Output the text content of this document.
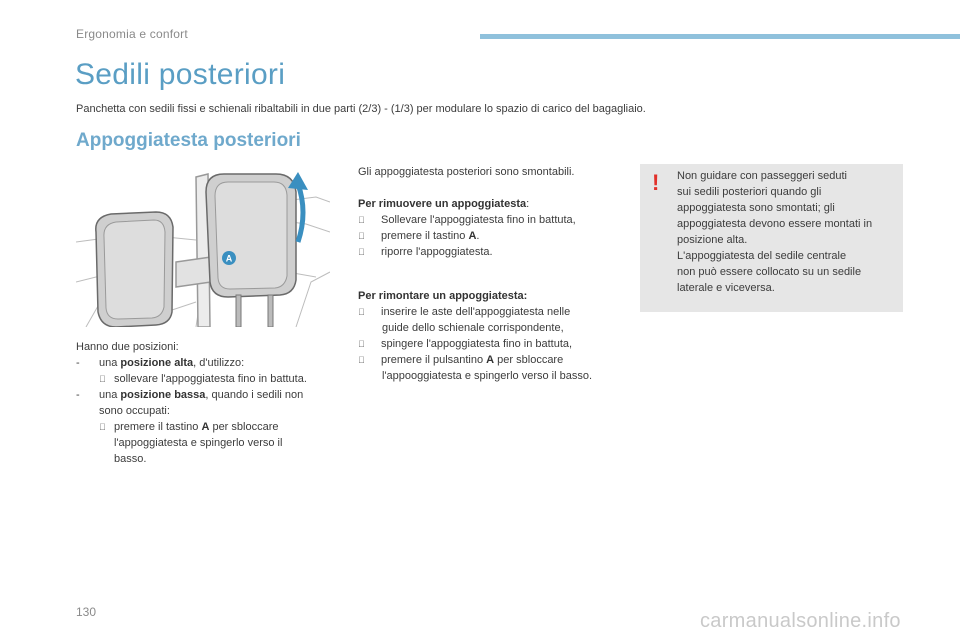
Ergonomia e confort
Sedili posteriori
Panchetta con sedili fissi e schienali ribaltabili in due parti (2/3) - (1/3) per modulare lo spazio di carico del bagagliaio.
Appoggiatesta posteriori
A
Hanno due posizioni:
- una posizione alta, d'utilizzo:
sollevare l'appoggiatesta fino in battuta.
- una posizione bassa, quando i sedili non
sono occupati:
premere il tastino A per sbloccare
l'appoggiatesta e spingerlo verso il
basso.
Gli appoggiatesta posteriori sono smontabili.
Per rimuovere un appoggiatesta:
Sollevare l'appoggiatesta fino in battuta,
premere il tastino A.
riporre l'appoggiatesta.
Per rimontare un appoggiatesta:
inserire le aste dell'appoggiatesta nelle
guide dello schienale corrispondente,
spingere l'appoggiatesta fino in battuta,
premere il pulsantino A per sbloccare
l'appooggiatesta e spingerlo verso il basso.
! Non guidare con passeggeri seduti
sui sedili posteriori quando gli
appoggiatesta sono smontati; gli
appoggiatesta devono essere montati in
posizione alta.
L'appoggiatesta del sedile centrale
non può essere collocato su un sedile
laterale e viceversa.
130	carmanualsonline.info
